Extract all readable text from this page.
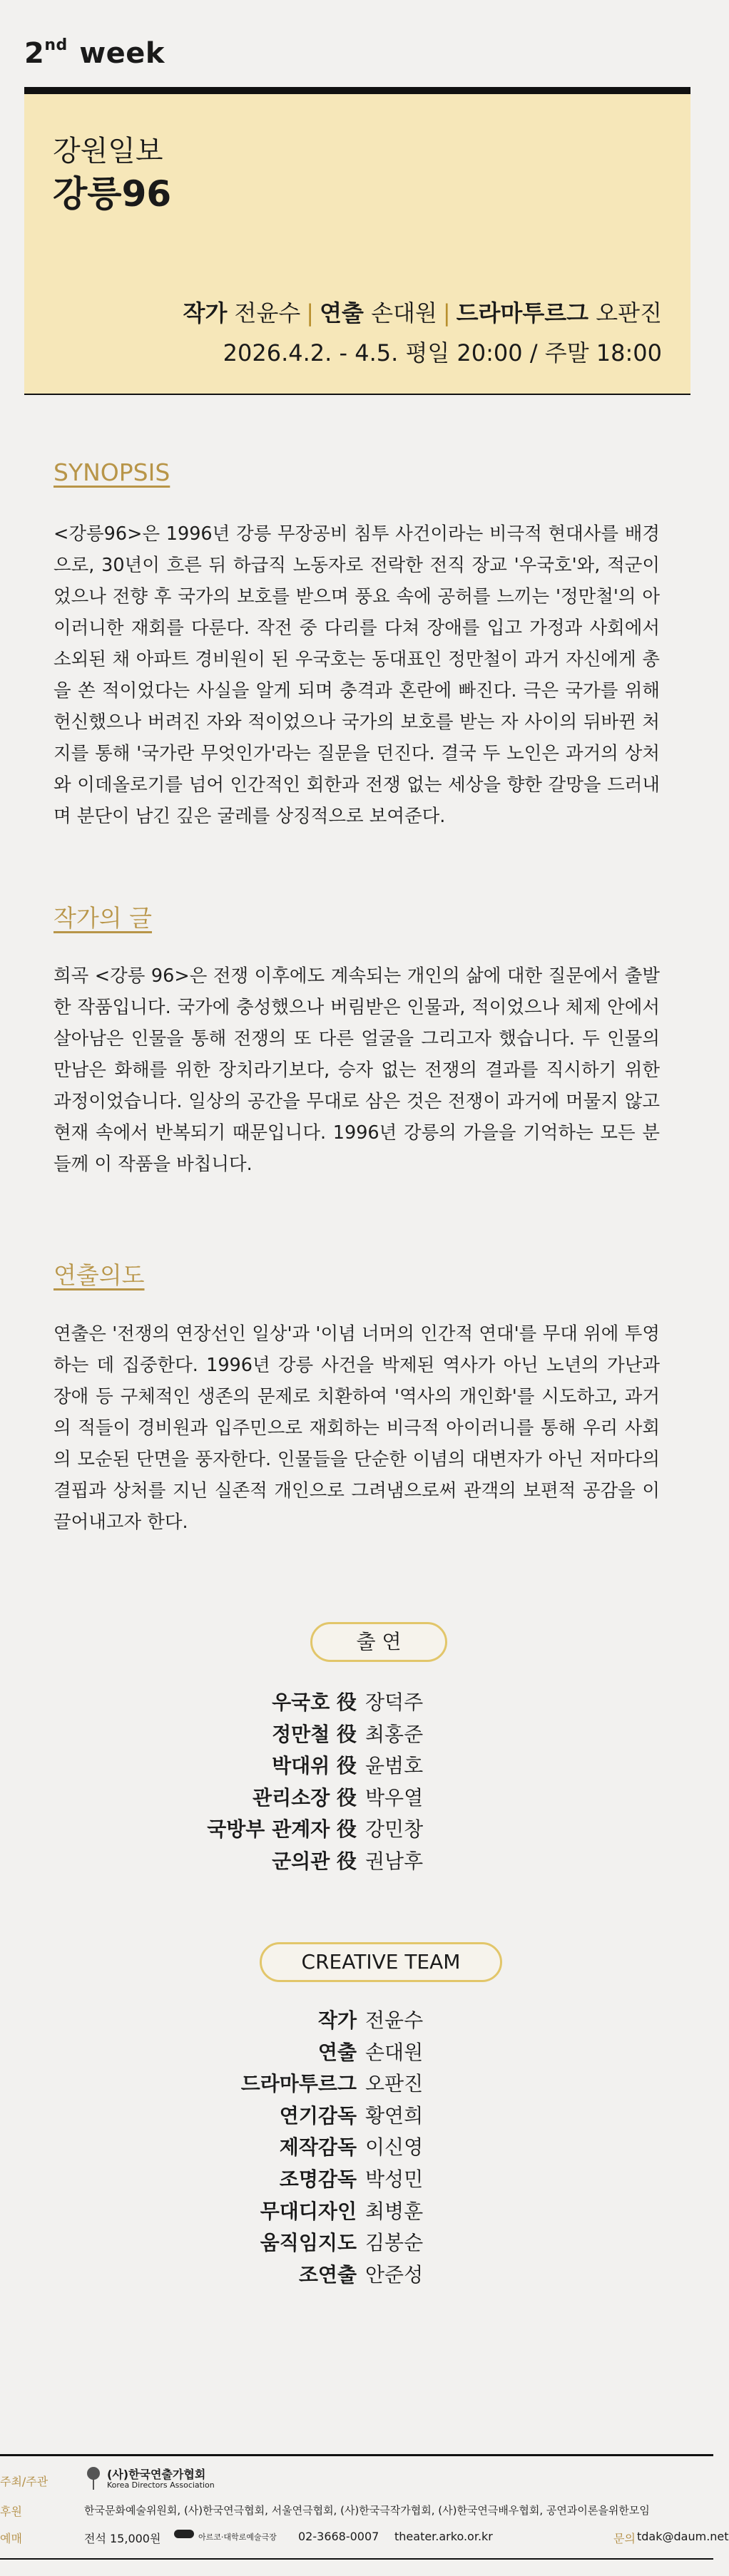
2nd week
강원일보
강릉96
작가 전윤수 | 연출 손대원 | 드라마투르그 오판진
2026.4.2. - 4.5. 평일 20:00 / 주말 18:00
SYNOPSIS
<강릉96>은 1996년 강릉 무장공비 침투 사건이라는 비극적 현대사를 배경으로, 30년이 흐른 뒤 하급직 노동자로 전락한 전직 장교 '우국호'와, 적군이었으나 전향 후 국가의 보호를 받으며 풍요 속에 공허를 느끼는 '정만철'의 아이러니한 재회를 다룬다. 작전 중 다리를 다쳐 장애를 입고 가정과 사회에서 소외된 채 아파트 경비원이 된 우국호는 동대표인 정만철이 과거 자신에게 총을 쏜 적이었다는 사실을 알게 되며 충격과 혼란에 빠진다. 극은 국가를 위해 헌신했으나 버려진 자와 적이었으나 국가의 보호를 받는 자 사이의 뒤바뀐 처지를 통해 '국가란 무엇인가'라는 질문을 던진다. 결국 두 노인은 과거의 상처와 이데올로기를 넘어 인간적인 회한과 전쟁 없는 세상을 향한 갈망을 드러내며 분단이 남긴 깊은 굴레를 상징적으로 보여준다.
작가의 글
희곡 <강릉 96>은 전쟁 이후에도 계속되는 개인의 삶에 대한 질문에서 출발한 작품입니다. 국가에 충성했으나 버림받은 인물과, 적이었으나 체제 안에서 살아남은 인물을 통해 전쟁의 또 다른 얼굴을 그리고자 했습니다. 두 인물의 만남은 화해를 위한 장치라기보다, 승자 없는 전쟁의 결과를 직시하기 위한 과정이었습니다. 일상의 공간을 무대로 삼은 것은 전쟁이 과거에 머물지 않고 현재 속에서 반복되기 때문입니다. 1996년 강릉의 가을을 기억하는 모든 분들께 이 작품을 바칩니다.
연출의도
연출은 '전쟁의 연장선인 일상'과 '이념 너머의 인간적 연대'를 무대 위에 투영하는 데 집중한다. 1996년 강릉 사건을 박제된 역사가 아닌 노년의 가난과 장애 등 구체적인 생존의 문제로 치환하여 '역사의 개인화'를 시도하고, 과거의 적들이 경비원과 입주민으로 재회하는 비극적 아이러니를 통해 우리 사회의 모순된 단면을 풍자한다. 인물들을 단순한 이념의 대변자가 아닌 저마다의 결핍과 상처를 지닌 실존적 개인으로 그려냄으로써 관객의 보편적 공감을 이끌어내고자 한다.
출 연
우국호 役 장덕주
정만철 役 최홍준
박대위 役 윤범호
관리소장 役 박우열
국방부 관계자 役 강민창
군의관 役 권남후
CREATIVE TEAM
작가 전윤수
연출 손대원
드라마투르그 오판진
연기감독 황연희
제작감독 이신영
조명감독 박성민
무대디자인 최병훈
움직임지도 김봉순
조연출 안준성
주최/주관
(사)한국연출가협회
Korea Directors Association
후원	한국문화예술위원회, (사)한국연극협회, 서울연극협회, (사)한국극작가협회, (사)한국연극배우협회, 공연과이론을위한모임
예매	전석 15,000원	아르코·대학로예술극장 02-3668-0007 theater.arko.or.kr	문의 tdak@daum.net
